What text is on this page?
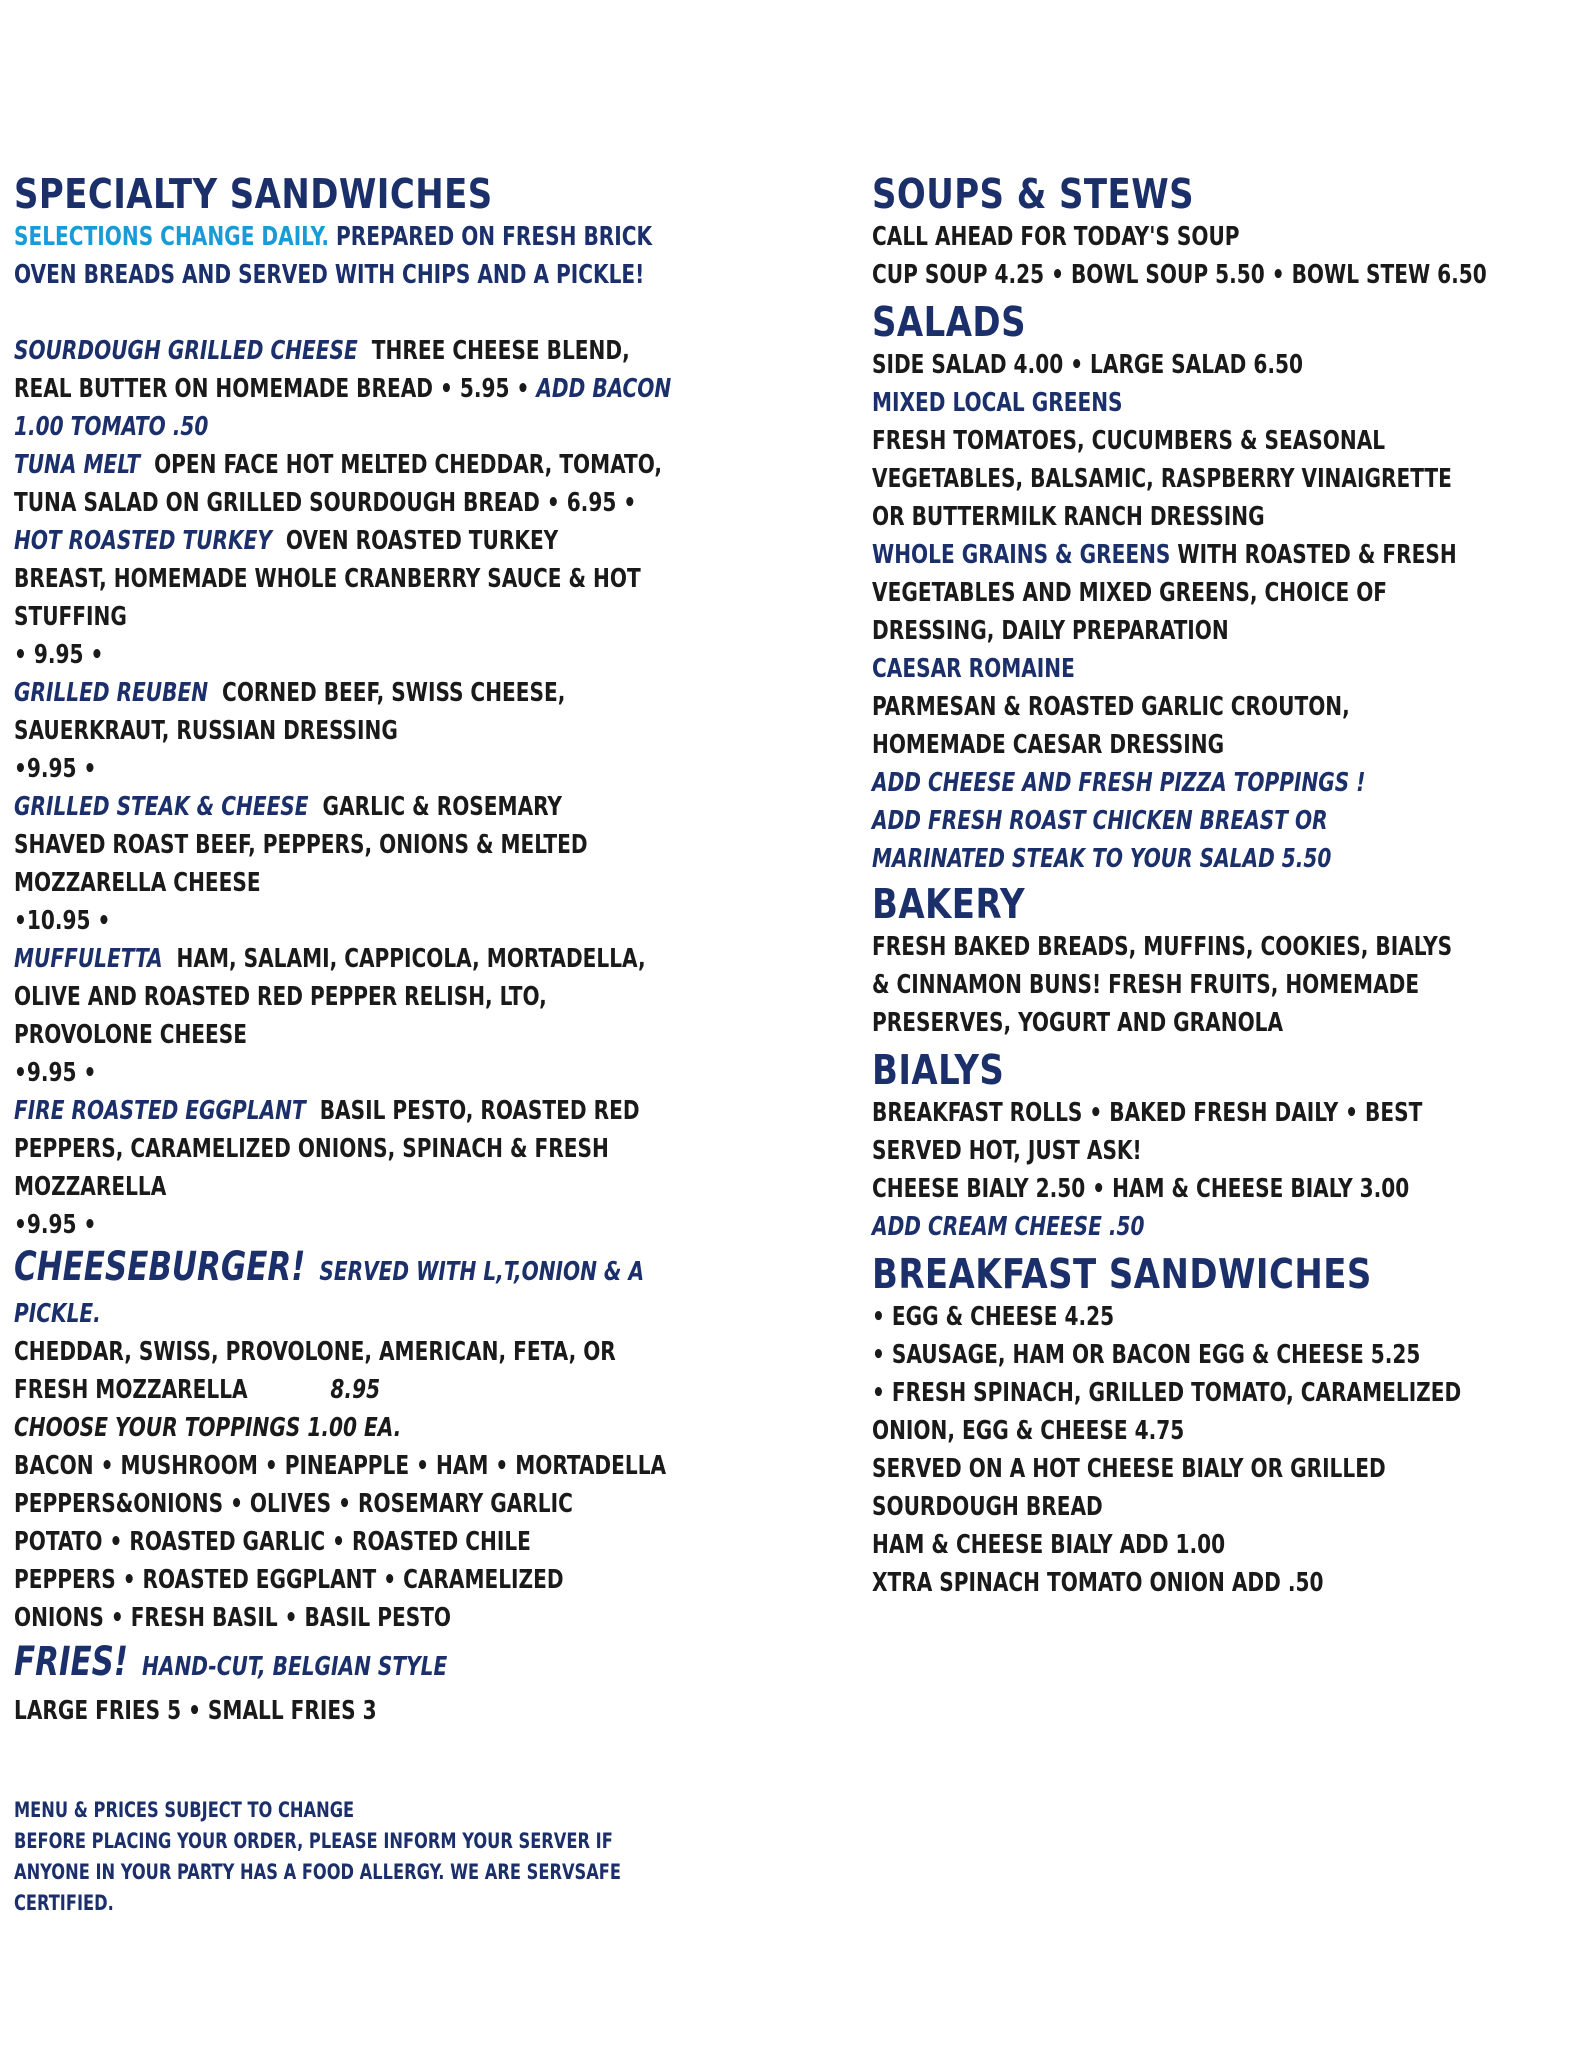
SPECIALTY SANDWICHES

SELECTIONS CHANGE DAILY. PREPARED ON FRESH BRICK

OVEN BREADS AND SERVED WITH CHIPS AND A PICKLE!

SOURDOUGH GRILLED CHEESE THREE CHEESE BLEND,

REAL BUTTER ON HOMEMADE BREAD • 5.95 • ADD BACON

1.00 TOMATO .50

TUNA MELT OPEN FACE HOT MELTED CHEDDAR, TOMATO,

TUNA SALAD ON GRILLED SOURDOUGH BREAD • 6.95 •

HOT ROASTED TURKEY OVEN ROASTED TURKEY

BREAST, HOMEMADE WHOLE CRANBERRY SAUCE & HOT

STUFFING

• 9.95 •

GRILLED REUBEN CORNED BEEF, SWISS CHEESE,

SAUERKRAUT, RUSSIAN DRESSING

•9.95 •

GRILLED STEAK & CHEESE GARLIC & ROSEMARY

SHAVED ROAST BEEF, PEPPERS, ONIONS & MELTED

MOZZARELLA CHEESE

•10.95 •

MUFFULETTA HAM, SALAMI, CAPPICOLA, MORTADELLA,

OLIVE AND ROASTED RED PEPPER RELISH, LTO,

PROVOLONE CHEESE

•9.95 •

FIRE ROASTED EGGPLANT BASIL PESTO, ROASTED RED

PEPPERS, CARAMELIZED ONIONS, SPINACH & FRESH

MOZZARELLA

•9.95 •

CHEESEBURGER! SERVED WITH L,T,ONION & A

PICKLE.

CHEDDAR, SWISS, PROVOLONE, AMERICAN, FETA, OR

FRESH MOZZARELLA	8.95

CHOOSE YOUR TOPPINGS 1.00 EA.

BACON • MUSHROOM • PINEAPPLE • HAM • MORTADELLA

PEPPERS&ONIONS • OLIVES • ROSEMARY GARLIC

POTATO • ROASTED GARLIC • ROASTED CHILE

PEPPERS • ROASTED EGGPLANT • CARAMELIZED

ONIONS • FRESH BASIL • BASIL PESTO

FRIES! HAND-CUT, BELGIAN STYLE

LARGE FRIES 5 • SMALL FRIES 3

MENU & PRICES SUBJECT TO CHANGE

BEFORE PLACING YOUR ORDER, PLEASE INFORM YOUR SERVER IF

ANYONE IN YOUR PARTY HAS A FOOD ALLERGY. WE ARE SERVSAFE

CERTIFIED.

SOUPS & STEWS

CALL AHEAD FOR TODAY'S SOUP

CUP SOUP 4.25 • BOWL SOUP 5.50 • BOWL STEW 6.50

SALADS

SIDE SALAD 4.00 • LARGE SALAD 6.50

MIXED LOCAL GREENS

FRESH TOMATOES, CUCUMBERS & SEASONAL

VEGETABLES, BALSAMIC, RASPBERRY VINAIGRETTE

OR BUTTERMILK RANCH DRESSING

WHOLE GRAINS & GREENS WITH ROASTED & FRESH

VEGETABLES AND MIXED GREENS, CHOICE OF

DRESSING, DAILY PREPARATION

CAESAR ROMAINE

PARMESAN & ROASTED GARLIC CROUTON,

HOMEMADE CAESAR DRESSING

ADD CHEESE AND FRESH PIZZA TOPPINGS !

ADD FRESH ROAST CHICKEN BREAST OR

MARINATED STEAK TO YOUR SALAD 5.50

BAKERY

FRESH BAKED BREADS, MUFFINS, COOKIES, BIALYS

& CINNAMON BUNS! FRESH FRUITS, HOMEMADE

PRESERVES, YOGURT AND GRANOLA

BIALYS

BREAKFAST ROLLS • BAKED FRESH DAILY • BEST

SERVED HOT, JUST ASK!

CHEESE BIALY 2.50 • HAM & CHEESE BIALY 3.00

ADD CREAM CHEESE .50

BREAKFAST SANDWICHES

• EGG & CHEESE 4.25

• SAUSAGE, HAM OR BACON EGG & CHEESE 5.25

• FRESH SPINACH, GRILLED TOMATO, CARAMELIZED

ONION, EGG & CHEESE 4.75

SERVED ON A HOT CHEESE BIALY OR GRILLED

SOURDOUGH BREAD

HAM & CHEESE BIALY ADD 1.00

XTRA SPINACH TOMATO ONION ADD .50
